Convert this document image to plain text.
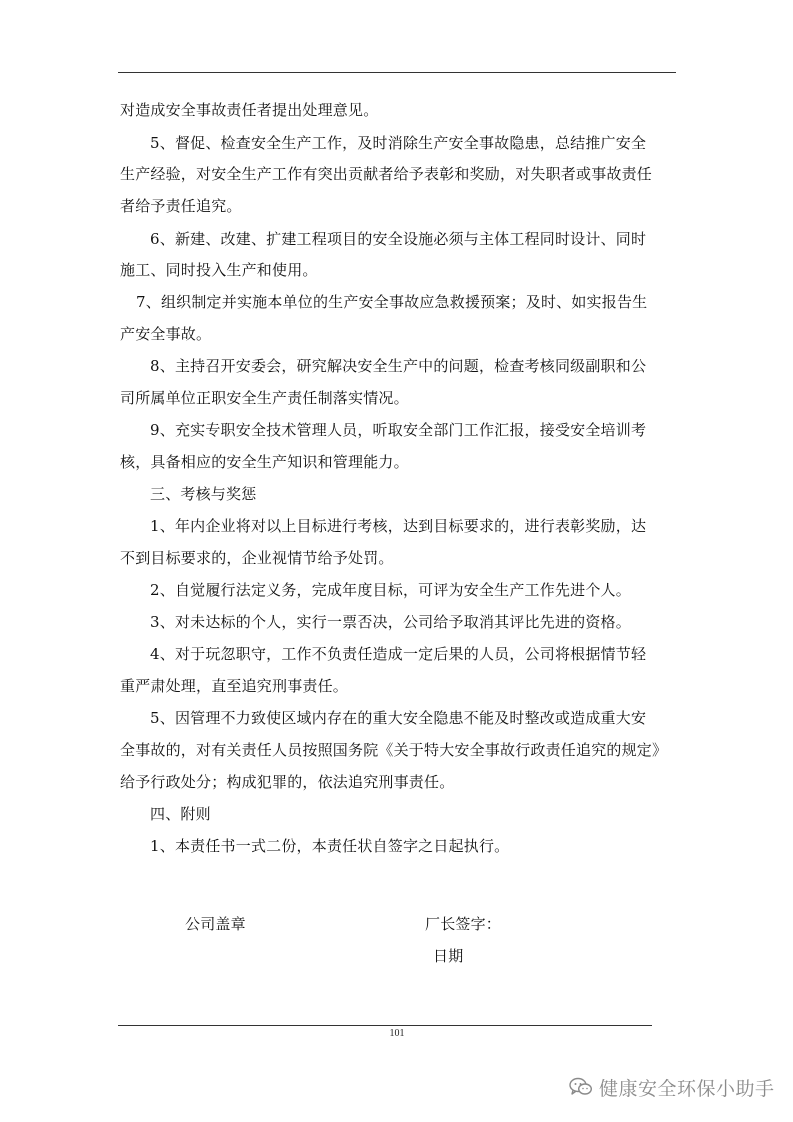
对造成安全事故责任者提出处理意见。
5、督促、检查安全生产工作，及时消除生产安全事故隐患，总结推广安全
生产经验，对安全生产工作有突出贡献者给予表彰和奖励，对失职者或事故责任
者给予责任追究。
6、新建、改建、扩建工程项目的安全设施必须与主体工程同时设计、同时
施工、同时投入生产和使用。
7、组织制定并实施本单位的生产安全事故应急救援预案；及时、如实报告生
产安全事故。
8、主持召开安委会，研究解决安全生产中的问题，检查考核同级副职和公
司所属单位正职安全生产责任制落实情况。
9、充实专职安全技术管理人员，听取安全部门工作汇报，接受安全培训考
核，具备相应的安全生产知识和管理能力。
三、考核与奖惩
1、年内企业将对以上目标进行考核，达到目标要求的，进行表彰奖励，达
不到目标要求的，企业视情节给予处罚。
2、自觉履行法定义务，完成年度目标，可评为安全生产工作先进个人。
3、对未达标的个人，实行一票否决，公司给予取消其评比先进的资格。
4、对于玩忽职守，工作不负责任造成一定后果的人员，公司将根据情节轻
重严肃处理，直至追究刑事责任。
5、因管理不力致使区域内存在的重大安全隐患不能及时整改或造成重大安
全事故的，对有关责任人员按照国务院《关于特大安全事故行政责任追究的规定》
给予行政处分；构成犯罪的，依法追究刑事责任。
四、附则
1、本责任书一式二份，本责任状自签字之日起执行。
公司盖章	厂长签字：
日期
101
健康安全环保小助手
